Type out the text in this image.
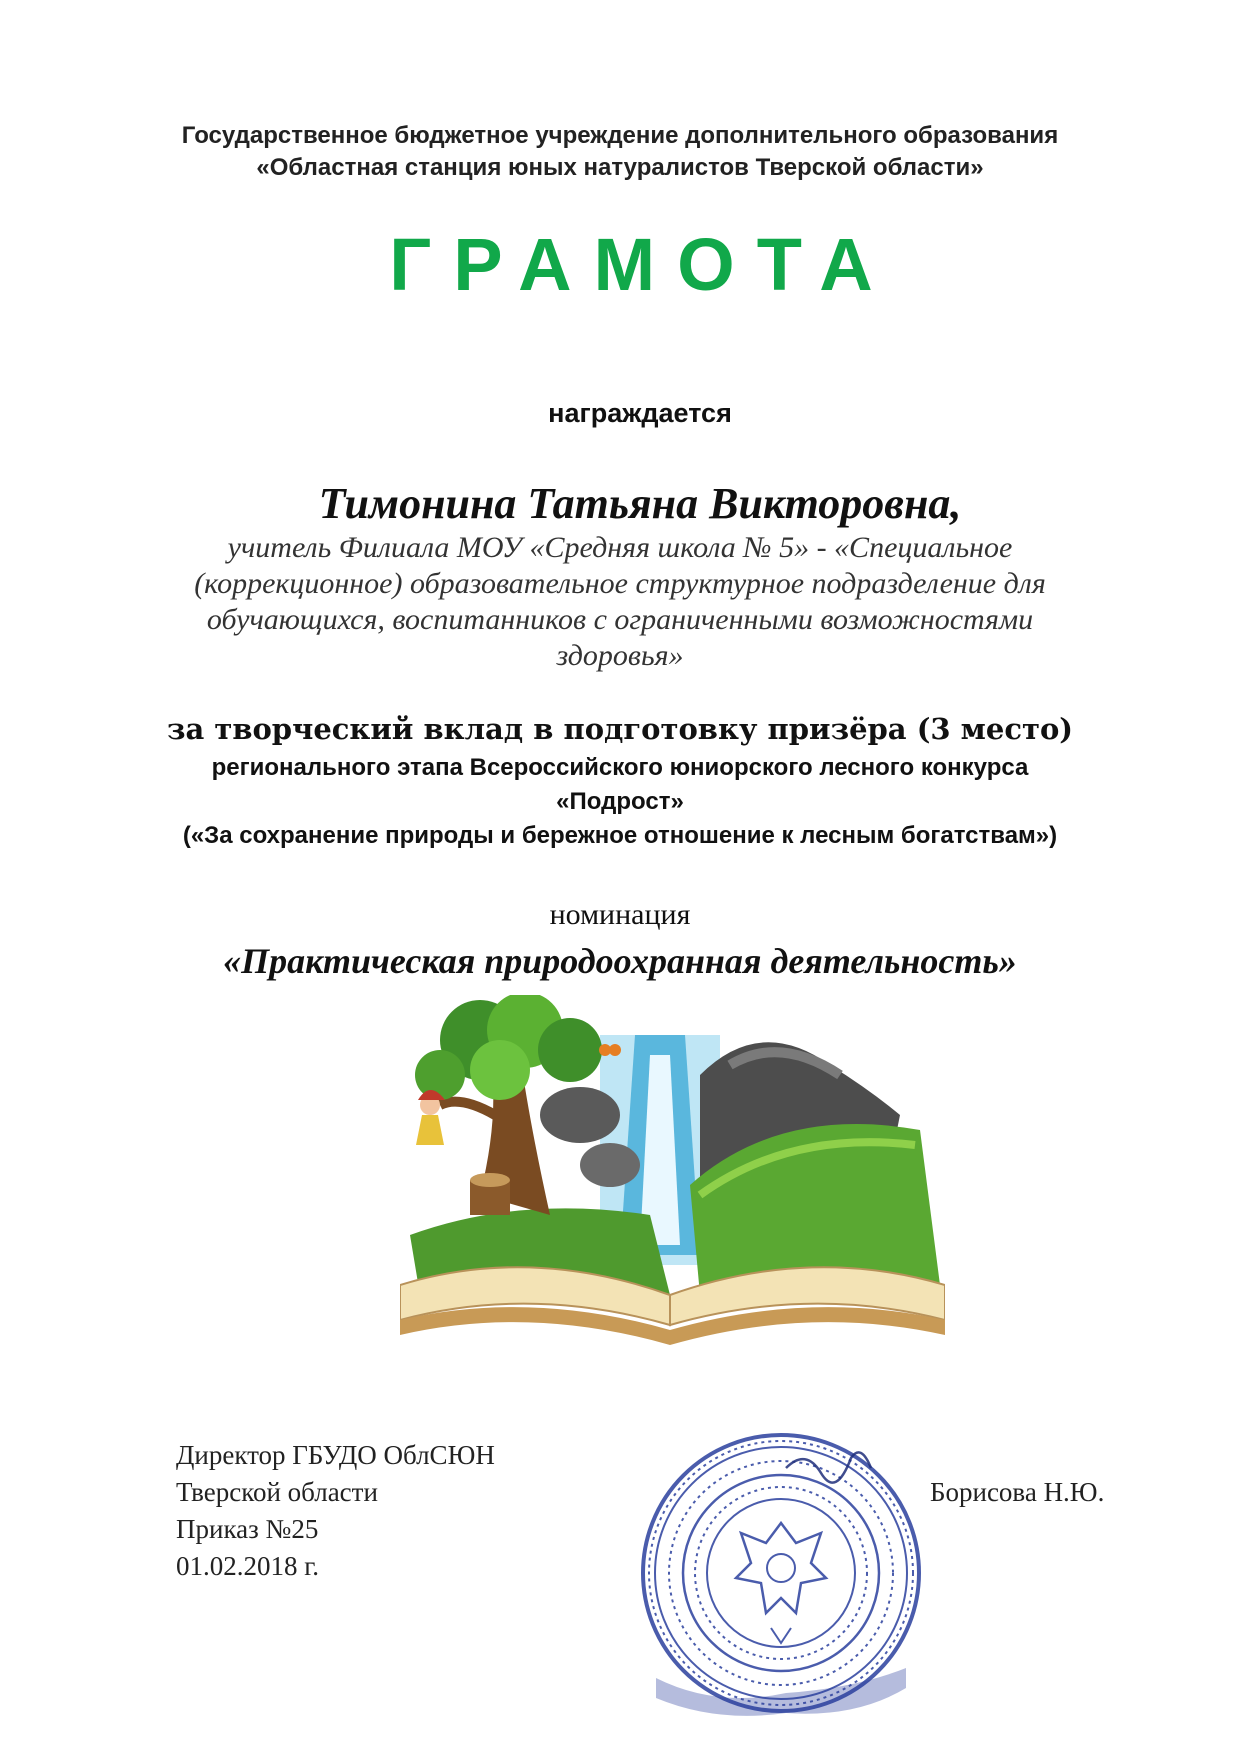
Государственное бюджетное учреждение дополнительного образования
«Областная станция юных натуралистов Тверской области»
ГРАМОТА
награждается
Тимонина Татьяна Викторовна,
учитель Филиала МОУ «Средняя школа № 5» - «Специальное
(коррекционное) образовательное структурное подразделение для
обучающихся, воспитанников с ограниченными возможностями
здоровья»
за творческий вклад в подготовку призёра (3 место)
регионального этапа Всероссийского юниорского лесного конкурса
«Подрост»
(«За сохранение природы и бережное отношение к лесным богатствам»)
номинация
«Практическая природоохранная деятельность»
Директор ГБУДО ОблСЮН
Тверской области
Приказ №25
01.02.2018 г.
Борисова Н.Ю.
